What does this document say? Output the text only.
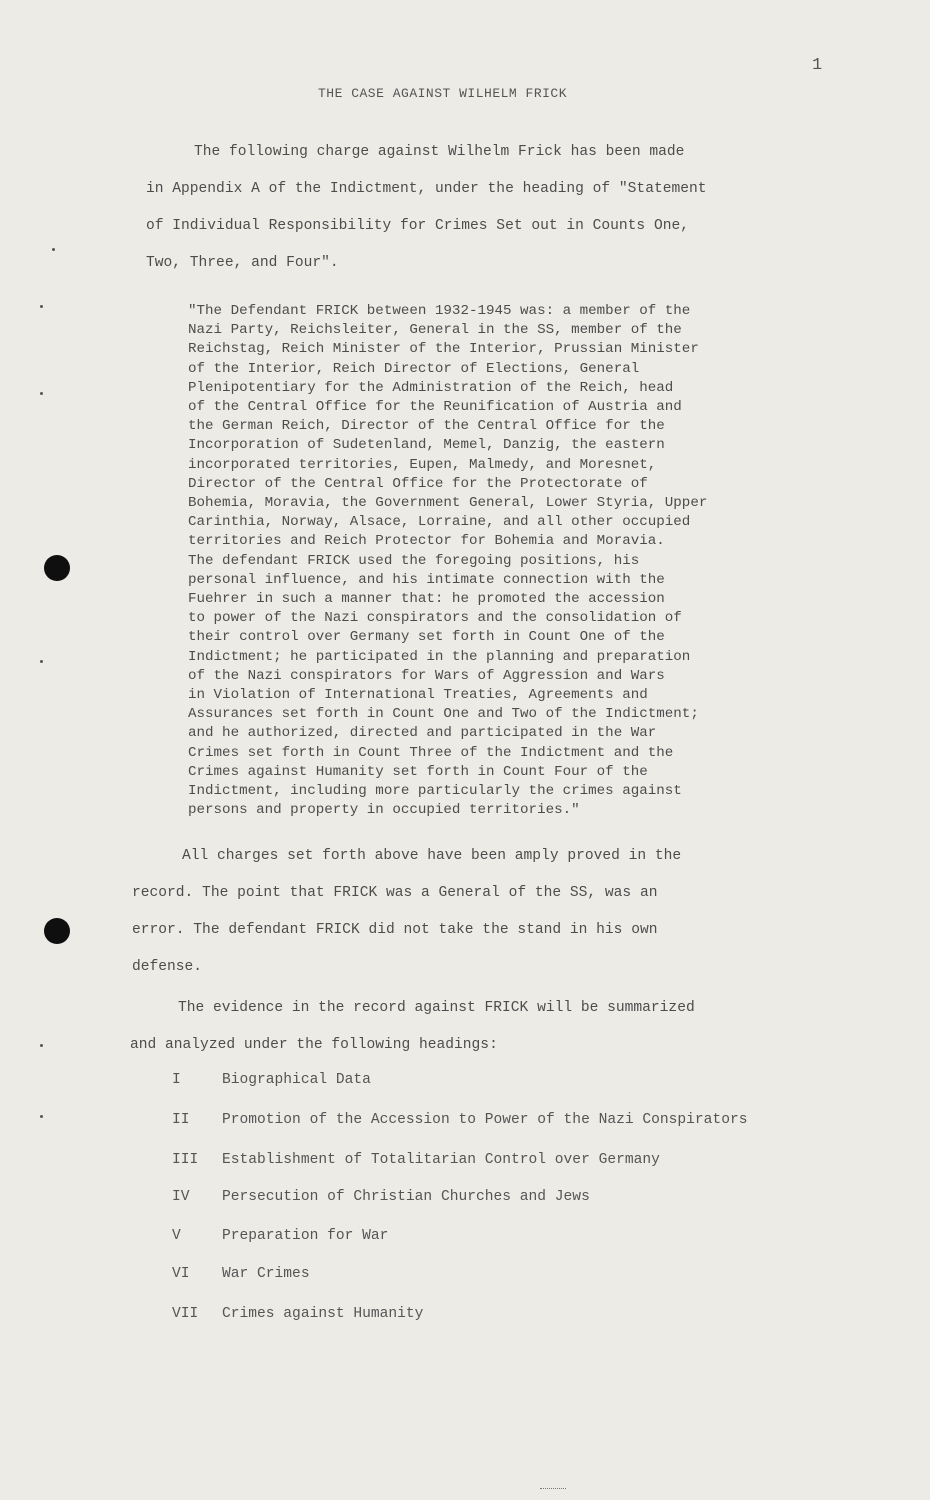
1
THE CASE AGAINST WILHELM FRICK
The following charge against Wilhelm Frick has been made
in Appendix A of the Indictment, under the heading of "Statement
of Individual Responsibility for Crimes Set out in Counts One,
Two, Three, and Four".
"The Defendant FRICK between 1932-1945 was: a member of the
Nazi Party, Reichsleiter, General in the SS, member of the
Reichstag, Reich Minister of the Interior, Prussian Minister
of the Interior, Reich Director of Elections, General
Plenipotentiary for the Administration of the Reich, head
of the Central Office for the Reunification of Austria and
the German Reich, Director of the Central Office for the
Incorporation of Sudetenland, Memel, Danzig, the eastern
incorporated territories, Eupen, Malmedy, and Moresnet,
Director of the Central Office for the Protectorate of
Bohemia, Moravia, the Government General, Lower Styria, Upper
Carinthia, Norway, Alsace, Lorraine, and all other occupied
territories and Reich Protector for Bohemia and Moravia.
The defendant FRICK used the foregoing positions, his
personal influence, and his intimate connection with the
Fuehrer in such a manner that: he promoted the accession
to power of the Nazi conspirators and the consolidation of
their control over Germany set forth in Count One of the
Indictment; he participated in the planning and preparation
of the Nazi conspirators for Wars of Aggression and Wars
in Violation of International Treaties, Agreements and
Assurances set forth in Count One and Two of the Indictment;
and he authorized, directed and participated in the War
Crimes set forth in Count Three of the Indictment and the
Crimes against Humanity set forth in Count Four of the
Indictment, including more particularly the crimes against
persons and property in occupied territories."
All charges set forth above have been amply proved in the
record. The point that FRICK was a General of the SS, was an
error. The defendant FRICK did not take the stand in his own
defense.
The evidence in the record against FRICK will be summarized
and analyzed under the following headings:
I	Biographical Data
II Promotion of the Accession to Power of the Nazi Conspirators
III Establishment of Totalitarian Control over Germany
IV Persecution of Christian Churches and Jews
V	Preparation for War
VI War Crimes
VII Crimes against Humanity
